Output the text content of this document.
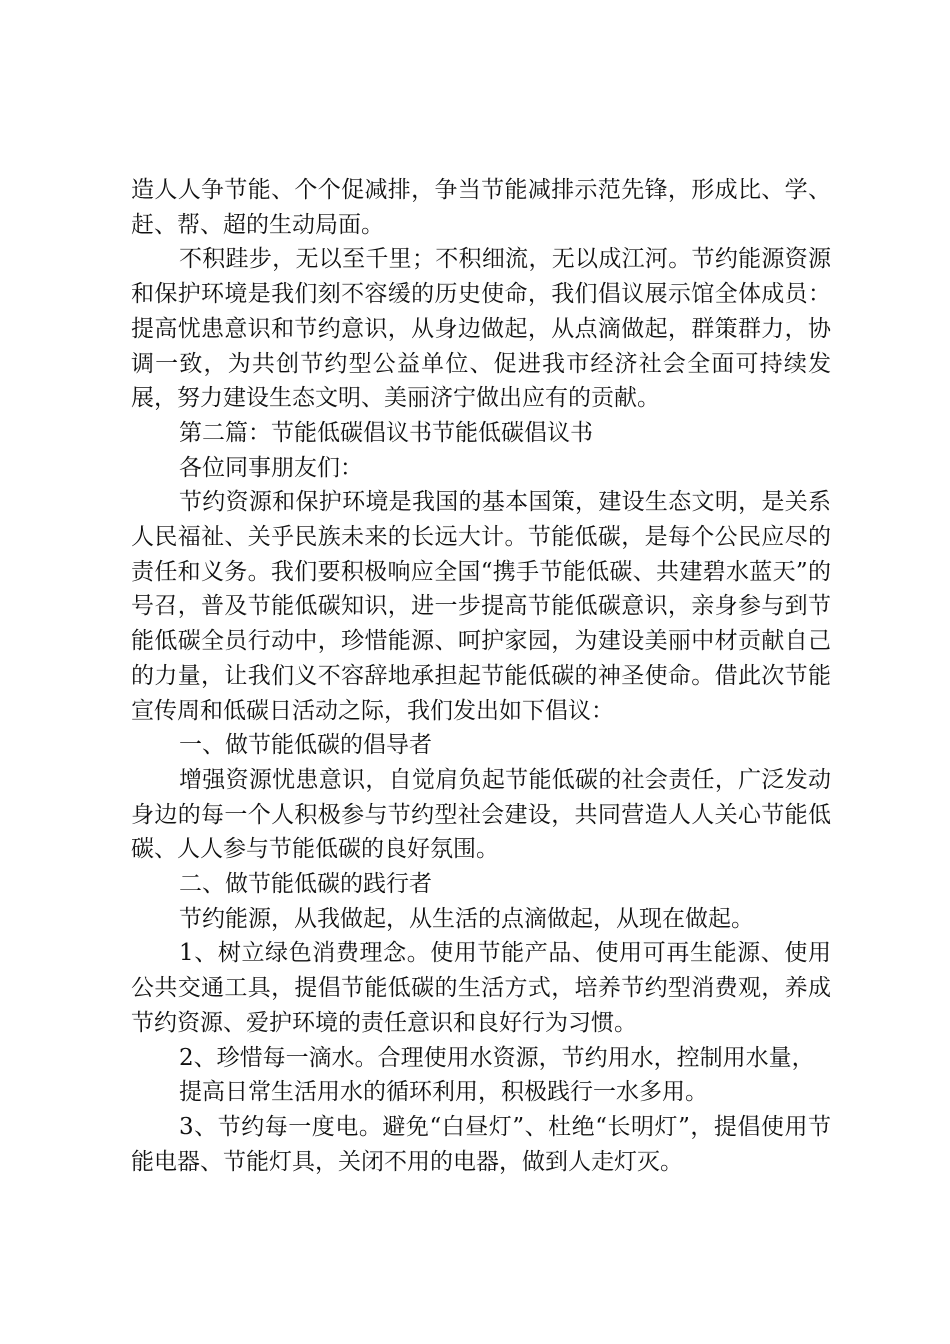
造人人争节能、个个促减排，争当节能减排示范先锋，形成比、学、赶、帮、超的生动局面。

不积跬步，无以至千里；不积细流，无以成江河。节约能源资源和保护环境是我们刻不容缓的历史使命，我们倡议展示馆全体成员：提高忧患意识和节约意识，从身边做起，从点滴做起，群策群力，协调一致，为共创节约型公益单位、促进我市经济社会全面可持续发展，努力建设生态文明、美丽济宁做出应有的贡献。

第二篇：节能低碳倡议书节能低碳倡议书

各位同事朋友们：

节约资源和保护环境是我国的基本国策，建设生态文明，是关系人民福祉、关乎民族未来的长远大计。节能低碳，是每个公民应尽的责任和义务。我们要积极响应全国“携手节能低碳、共建碧水蓝天”的号召，普及节能低碳知识，进一步提高节能低碳意识，亲身参与到节能低碳全员行动中，珍惜能源、呵护家园，为建设美丽中材贡献自己的力量，让我们义不容辞地承担起节能低碳的神圣使命。借此次节能宣传周和低碳日活动之际，我们发出如下倡议：

一、做节能低碳的倡导者

增强资源忧患意识，自觉肩负起节能低碳的社会责任，广泛发动身边的每一个人积极参与节约型社会建设，共同营造人人关心节能低碳、人人参与节能低碳的良好氛围。

二、做节能低碳的践行者

节约能源，从我做起，从生活的点滴做起，从现在做起。

1、树立绿色消费理念。使用节能产品、使用可再生能源、使用公共交通工具，提倡节能低碳的生活方式，培养节约型消费观，养成节约资源、爱护环境的责任意识和良好行为习惯。

2、珍惜每一滴水。合理使用水资源，节约用水，控制用水量，

提高日常生活用水的循环利用，积极践行一水多用。

3、节约每一度电。避免“白昼灯”、杜绝“长明灯”，提倡使用节能电器、节能灯具，关闭不用的电器，做到人走灯灭。
